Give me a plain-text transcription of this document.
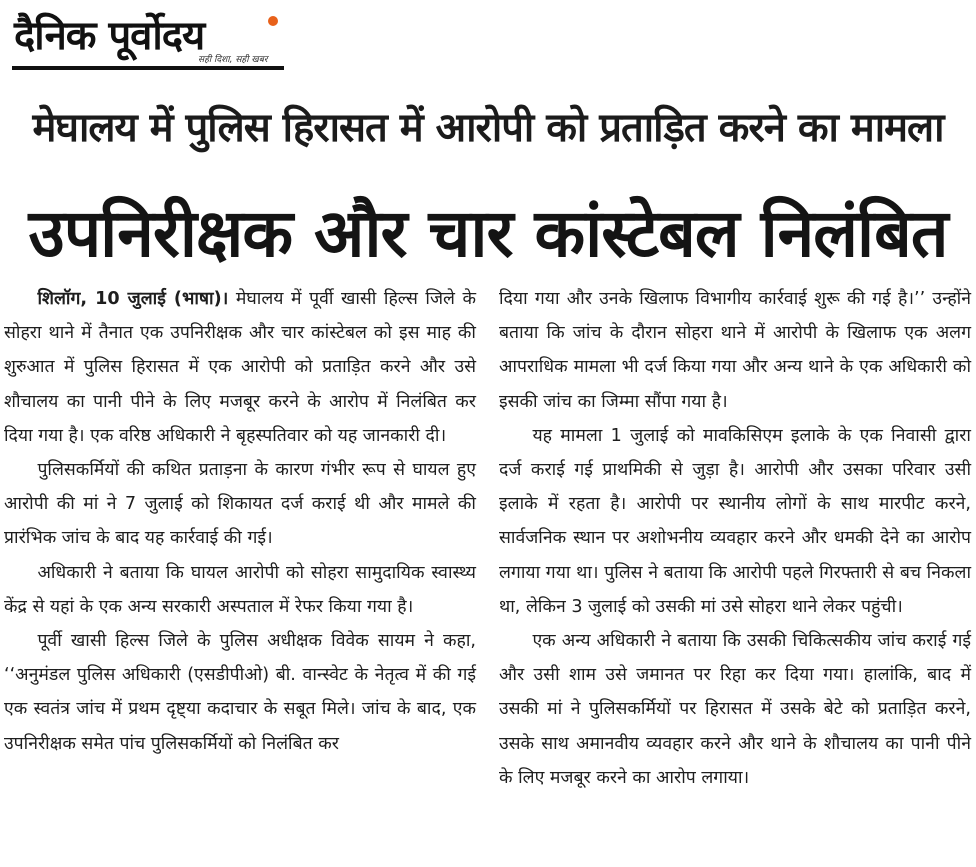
दैनिक पूर्वोदय
सही दिशा, सही खबर
मेघालय में पुलिस हिरासत में आरोपी को प्रताड़ित करने का मामला
उपनिरीक्षक और चार कांस्टेबल निलंबित

शिलॉग, 10 जुलाई (भाषा)। मेघालय में पूर्वी खासी हिल्स जिले के सोहरा थाने में तैनात एक उपनिरीक्षक और चार कांस्टेबल को इस माह की शुरुआत में पुलिस हिरासत में एक आरोपी को प्रताड़ित करने और उसे शौचालय का पानी पीने के लिए मजबूर करने के आरोप में निलंबित कर दिया गया है। एक वरिष्ठ अधिकारी ने बृहस्पतिवार को यह जानकारी दी।

पुलिसकर्मियों की कथित प्रताड़ना के कारण गंभीर रूप से घायल हुए आरोपी की मां ने 7 जुलाई को शिकायत दर्ज कराई थी और मामले की प्रारंभिक जांच के बाद यह कार्रवाई की गई।

अधिकारी ने बताया कि घायल आरोपी को सोहरा सामुदायिक स्वास्थ्य केंद्र से यहां के एक अन्य सरकारी अस्पताल में रेफर किया गया है।

पूर्वी खासी हिल्स जिले के पुलिस अधीक्षक विवेक सायम ने कहा, ‘‘अनुमंडल पुलिस अधिकारी (एसडीपीओ) बी. वान्स्वेट के नेतृत्व में की गई एक स्वतंत्र जांच में प्रथम दृष्ट्या कदाचार के सबूत मिले। जांच के बाद, एक उपनिरीक्षक समेत पांच पुलिसकर्मियों को निलंबित कर

दिया गया और उनके खिलाफ विभागीय कार्रवाई शुरू की गई है।’’ उन्होंने बताया कि जांच के दौरान सोहरा थाने में आरोपी के खिलाफ एक अलग आपराधिक मामला भी दर्ज किया गया और अन्य थाने के एक अधिकारी को इसकी जांच का जिम्मा सौंपा गया है।

यह मामला 1 जुलाई को मावकिसिएम इलाके के एक निवासी द्वारा दर्ज कराई गई प्राथमिकी से जुड़ा है। आरोपी और उसका परिवार उसी इलाके में रहता है। आरोपी पर स्थानीय लोगों के साथ मारपीट करने, सार्वजनिक स्थान पर अशोभनीय व्यवहार करने और धमकी देने का आरोप लगाया गया था। पुलिस ने बताया कि आरोपी पहले गिरफ्तारी से बच निकला था, लेकिन 3 जुलाई को उसकी मां उसे सोहरा थाने लेकर पहुंची।

एक अन्य अधिकारी ने बताया कि उसकी चिकित्सकीय जांच कराई गई और उसी शाम उसे जमानत पर रिहा कर दिया गया। हालांकि, बाद में उसकी मां ने पुलिसकर्मियों पर हिरासत में उसके बेटे को प्रताड़ित करने, उसके साथ अमानवीय व्यवहार करने और थाने के शौचालय का पानी पीने के लिए मजबूर करने का आरोप लगाया।
